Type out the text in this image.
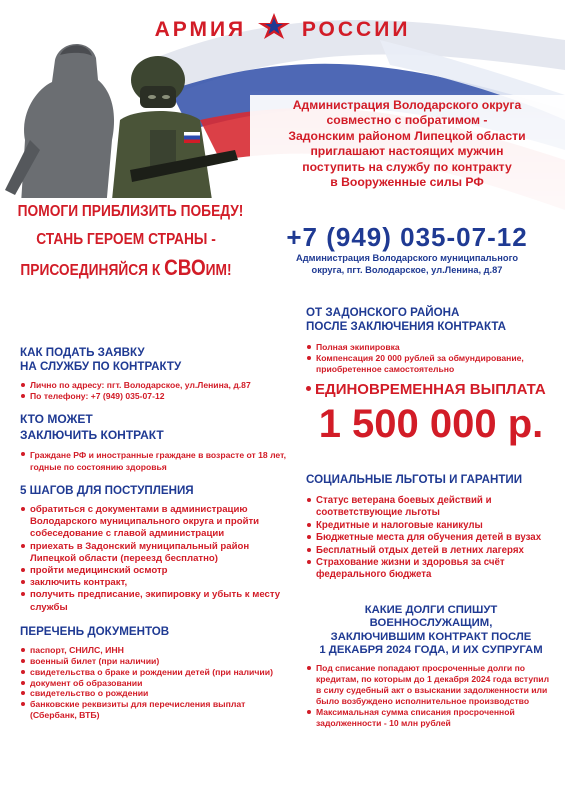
АРМИЯ	РОССИИ
ПОМОГИ ПРИБЛИЗИТЬ ПОБЕДУ!
СТАНЬ ГЕРОЕМ СТРАНЫ -
ПРИСОЕДИНЯЙСЯ К СВОИМ!
Администрация Володарского округа
совместно с побратимом -
Задонским районом Липецкой области
приглашают настоящих мужчин
поступить на службу по контракту
в Вооруженные силы РФ
+7 (949) 035-07-12
Администрация Володарского муниципального
округа, пгт. Володарское, ул.Ленина, д.87
КАК ПОДАТЬ ЗАЯВКУ
НА СЛУЖБУ ПО КОНТРАКТУ
Лично по адресу: пгт. Володарское, ул.Ленина, д.87
По телефону: +7 (949) 035-07-12
КТО МОЖЕТ
ЗАКЛЮЧИТЬ КОНТРАКТ
Граждане РФ и иностранные граждане в возрасте от 18 лет, годные по состоянию здоровья
5 ШАГОВ ДЛЯ ПОСТУПЛЕНИЯ
обратиться с документами в администрацию Володарского муниципального округа и пройти собеседование с главой администрации
приехать в Задонский муниципальный район Липецкой области (переезд бесплатно)
пройти медицинский осмотр
заключить контракт,
получить предписание, экипировку и убыть к месту службы
ПЕРЕЧЕНЬ ДОКУМЕНТОВ
паспорт, СНИЛС, ИНН
военный билет (при наличии)
свидетельства о браке и рождении детей (при наличии)
документ об образовании
свидетельство о рождении
банковские реквизиты для перечисления выплат (Сбербанк, ВТБ)
ОТ ЗАДОНСКОГО РАЙОНА
ПОСЛЕ ЗАКЛЮЧЕНИЯ КОНТРАКТА
Полная экипировка
Компенсация 20 000 рублей за обмундирование, приобретенное самостоятельно
ЕДИНОВРЕМЕННАЯ ВЫПЛАТА
1 500 000 р.
СОЦИАЛЬНЫЕ ЛЬГОТЫ И ГАРАНТИИ
Статус ветерана боевых действий и соответствующие льготы
Кредитные и налоговые каникулы
Бюджетные места для обучения детей в вузах
Бесплатный отдых детей в летних лагерях
Страхование жизни и здоровья за счёт федерального бюджета
КАКИЕ ДОЛГИ СПИШУТ
ВОЕННОСЛУЖАЩИМ,
ЗАКЛЮЧИВШИМ КОНТРАКТ ПОСЛЕ
1 ДЕКАБРЯ 2024 ГОДА, И ИХ СУПРУГАМ
Под списание попадают просроченные долги по кредитам, по которым до 1 декабря 2024 года вступил в силу судебный акт о взыскании задолженности или было возбуждено исполнительное производство
Максимальная сумма списания просроченной задолженности - 10 млн рублей
